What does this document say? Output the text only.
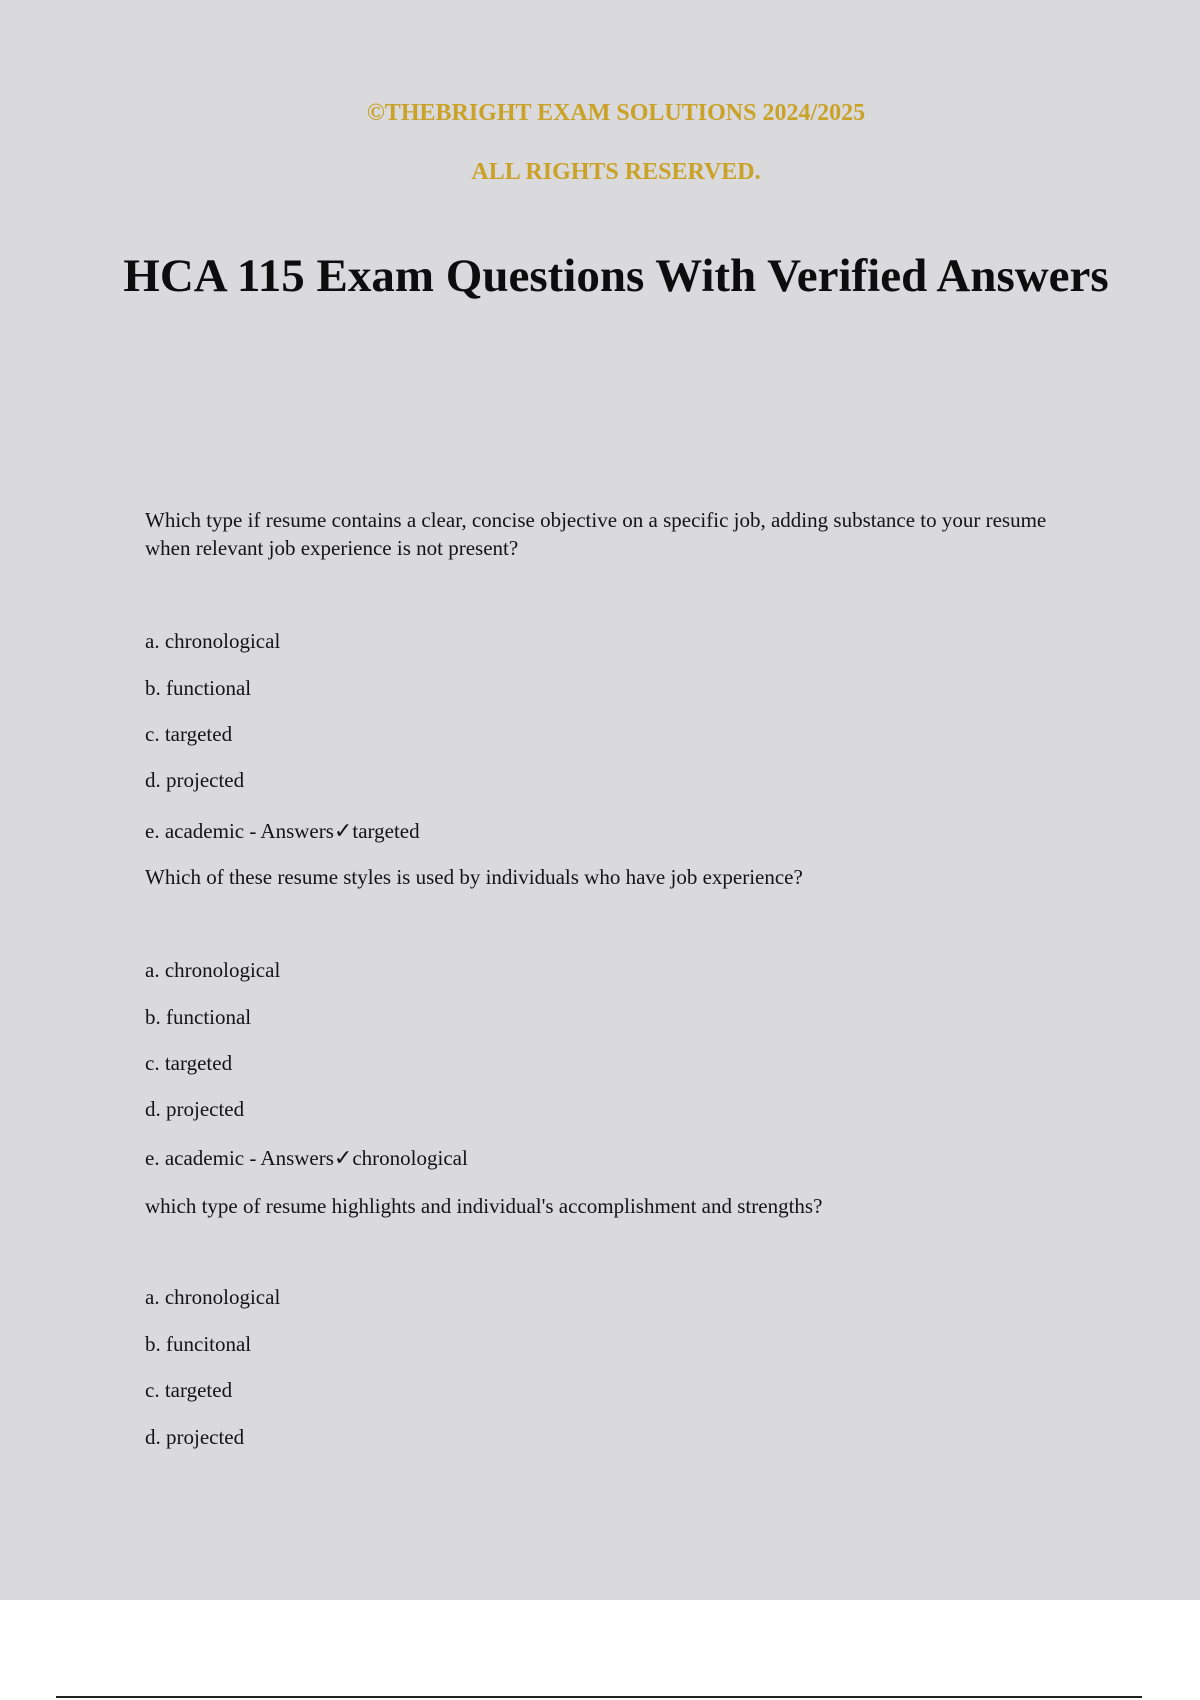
©THEBRIGHT EXAM SOLUTIONS 2024/2025

ALL RIGHTS RESERVED.

HCA 115 Exam Questions With Verified Answers

Which type if resume contains a clear, concise objective on a specific job, adding substance to your resume when relevant job experience is not present?

a. chronological

b. functional

c. targeted

d. projected

e. academic - Answers✓targeted

Which of these resume styles is used by individuals who have job experience?

a. chronological

b. functional

c. targeted

d. projected

e. academic - Answers✓chronological

which type of resume highlights and individual's accomplishment and strengths?

a. chronological

b. funcitonal

c. targeted

d. projected
